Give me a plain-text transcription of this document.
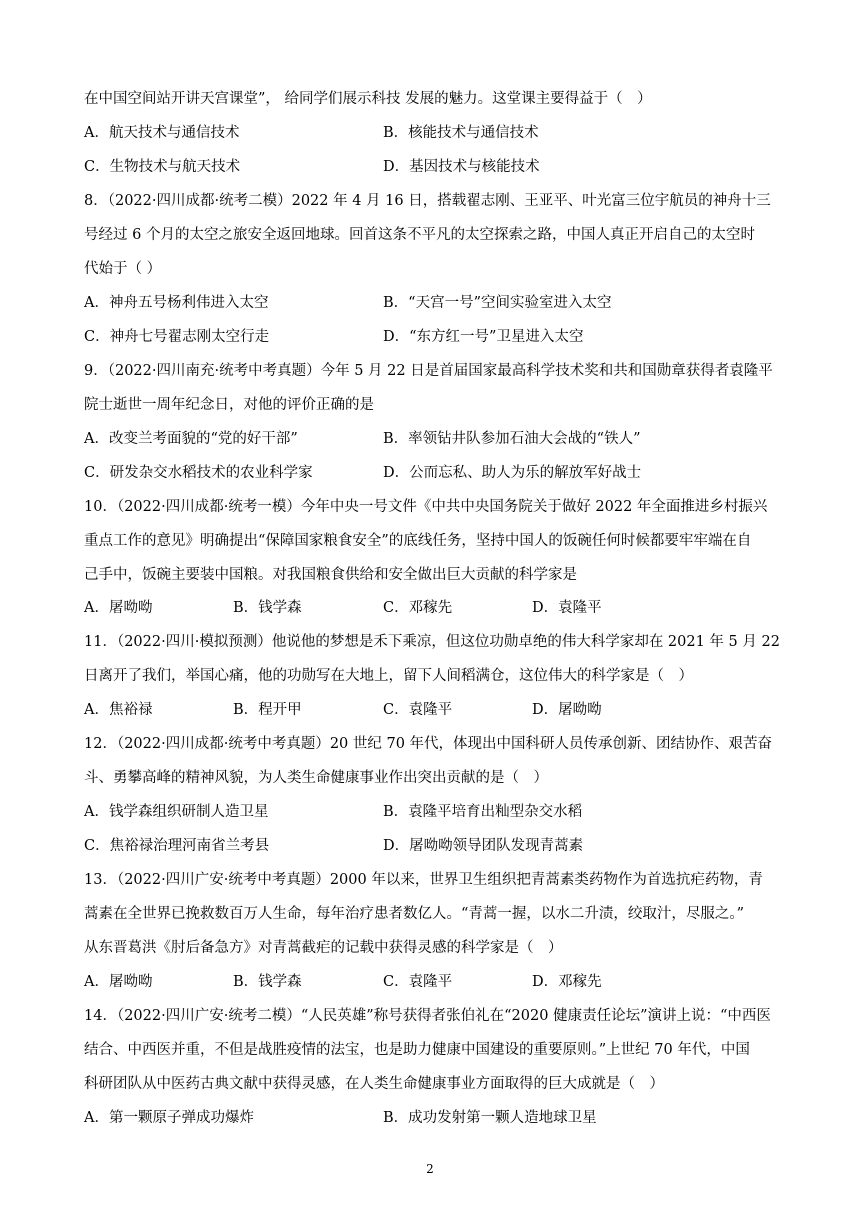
在中国空间站开讲天宫课堂”， 给同学们展示科技 发展的魅力。这堂课主要得益于（　）
A．航天技术与通信技术	B．核能技术与通信技术
C．生物技术与航天技术	D．基因技术与核能技术
8．（2022·四川成都·统考二模）2022 年 4 月 16 日，搭载翟志刚、王亚平、叶光富三位宇航员的神舟十三
号经过 6 个月的太空之旅安全返回地球。回首这条不平凡的太空探索之路，中国人真正开启自己的太空时
代始于（ ）
A．神舟五号杨利伟进入太空	B．“天宫一号”空间实验室进入太空
C．神舟七号翟志刚太空行走	D．“东方红一号”卫星进入太空
9．（2022·四川南充·统考中考真题）今年 5 月 22 日是首届国家最高科学技术奖和共和国勋章获得者袁隆平
院士逝世一周年纪念日，对他的评价正确的是
A．改变兰考面貌的“党的好干部”	B．率领钻井队参加石油大会战的“铁人”
C．研发杂交水稻技术的农业科学家	D．公而忘私、助人为乐的解放军好战士
10．（2022·四川成都·统考一模）今年中央一号文件《中共中央国务院关于做好 2022 年全面推进乡村振兴
重点工作的意见》明确提出“保障国家粮食安全”的底线任务，坚持中国人的饭碗任何时候都要牢牢端在自
己手中，饭碗主要装中国粮。对我国粮食供给和安全做出巨大贡献的科学家是
A．屠呦呦	B．钱学森	C．邓稼先	D．袁隆平
11．（2022·四川·模拟预测）他说他的梦想是禾下乘凉，但这位功勋卓绝的伟大科学家却在 2021 年 5 月 22
日离开了我们，举国心痛，他的功勋写在大地上，留下人间稻满仓，这位伟大的科学家是（　）
A．焦裕禄	B．程开甲	C．袁隆平	D．屠呦呦
12．（2022·四川成都·统考中考真题）20 世纪 70 年代，体现出中国科研人员传承创新、团结协作、艰苦奋
斗、勇攀高峰的精神风貌，为人类生命健康事业作出突出贡献的是（　）
A．钱学森组织研制人造卫星	B．袁隆平培育出籼型杂交水稻
C．焦裕禄治理河南省兰考县	D．屠呦呦领导团队发现青蒿素
13．（2022·四川广安·统考中考真题）2000 年以来，世界卫生组织把青蒿素类药物作为首选抗疟药物，青
蒿素在全世界已挽救数百万人生命，每年治疗患者数亿人。“青蒿一握，以水二升渍，绞取汁，尽服之。”
从东晋葛洪《肘后备急方》对青蒿截疟的记载中获得灵感的科学家是（　）
A．屠呦呦	B．钱学森	C．袁隆平	D．邓稼先
14．（2022·四川广安·统考二模）“人民英雄”称号获得者张伯礼在“2020 健康责任论坛”演讲上说：“中西医
结合、中西医并重，不但是战胜疫情的法宝，也是助力健康中国建设的重要原则。”上世纪 70 年代，中国
科研团队从中医药古典文献中获得灵感，在人类生命健康事业方面取得的巨大成就是（　）
A．第一颗原子弹成功爆炸	B．成功发射第一颗人造地球卫星
2
